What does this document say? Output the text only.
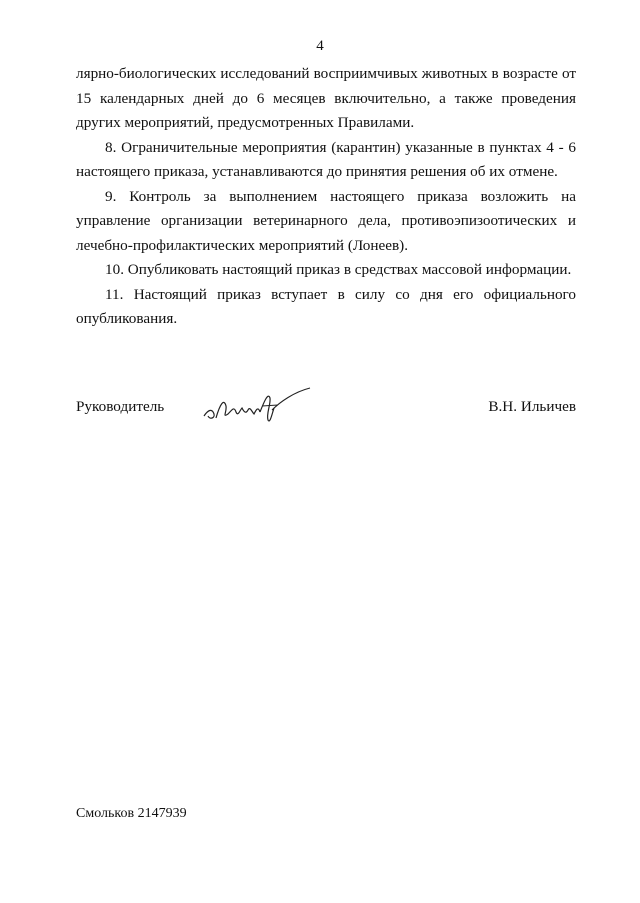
4

лярно-биологических исследований восприимчивых животных в возрасте от 15 календарных дней до 6 месяцев включительно, а также проведения других мероприятий, предусмотренных Правилами.

8. Ограничительные мероприятия (карантин) указанные в пунктах 4 - 6 настоящего приказа, устанавливаются до принятия решения об их отмене.

9. Контроль за выполнением настоящего приказа возложить на управление организации ветеринарного дела, противоэпизоотических и лечебно-профилактических мероприятий (Лонеев).

10. Опубликовать настоящий приказ в средствах массовой информации.

11. Настоящий приказ вступает в силу со дня его официального опубликования.

Руководитель	В.Н. Ильичев
Смольков 2147939
